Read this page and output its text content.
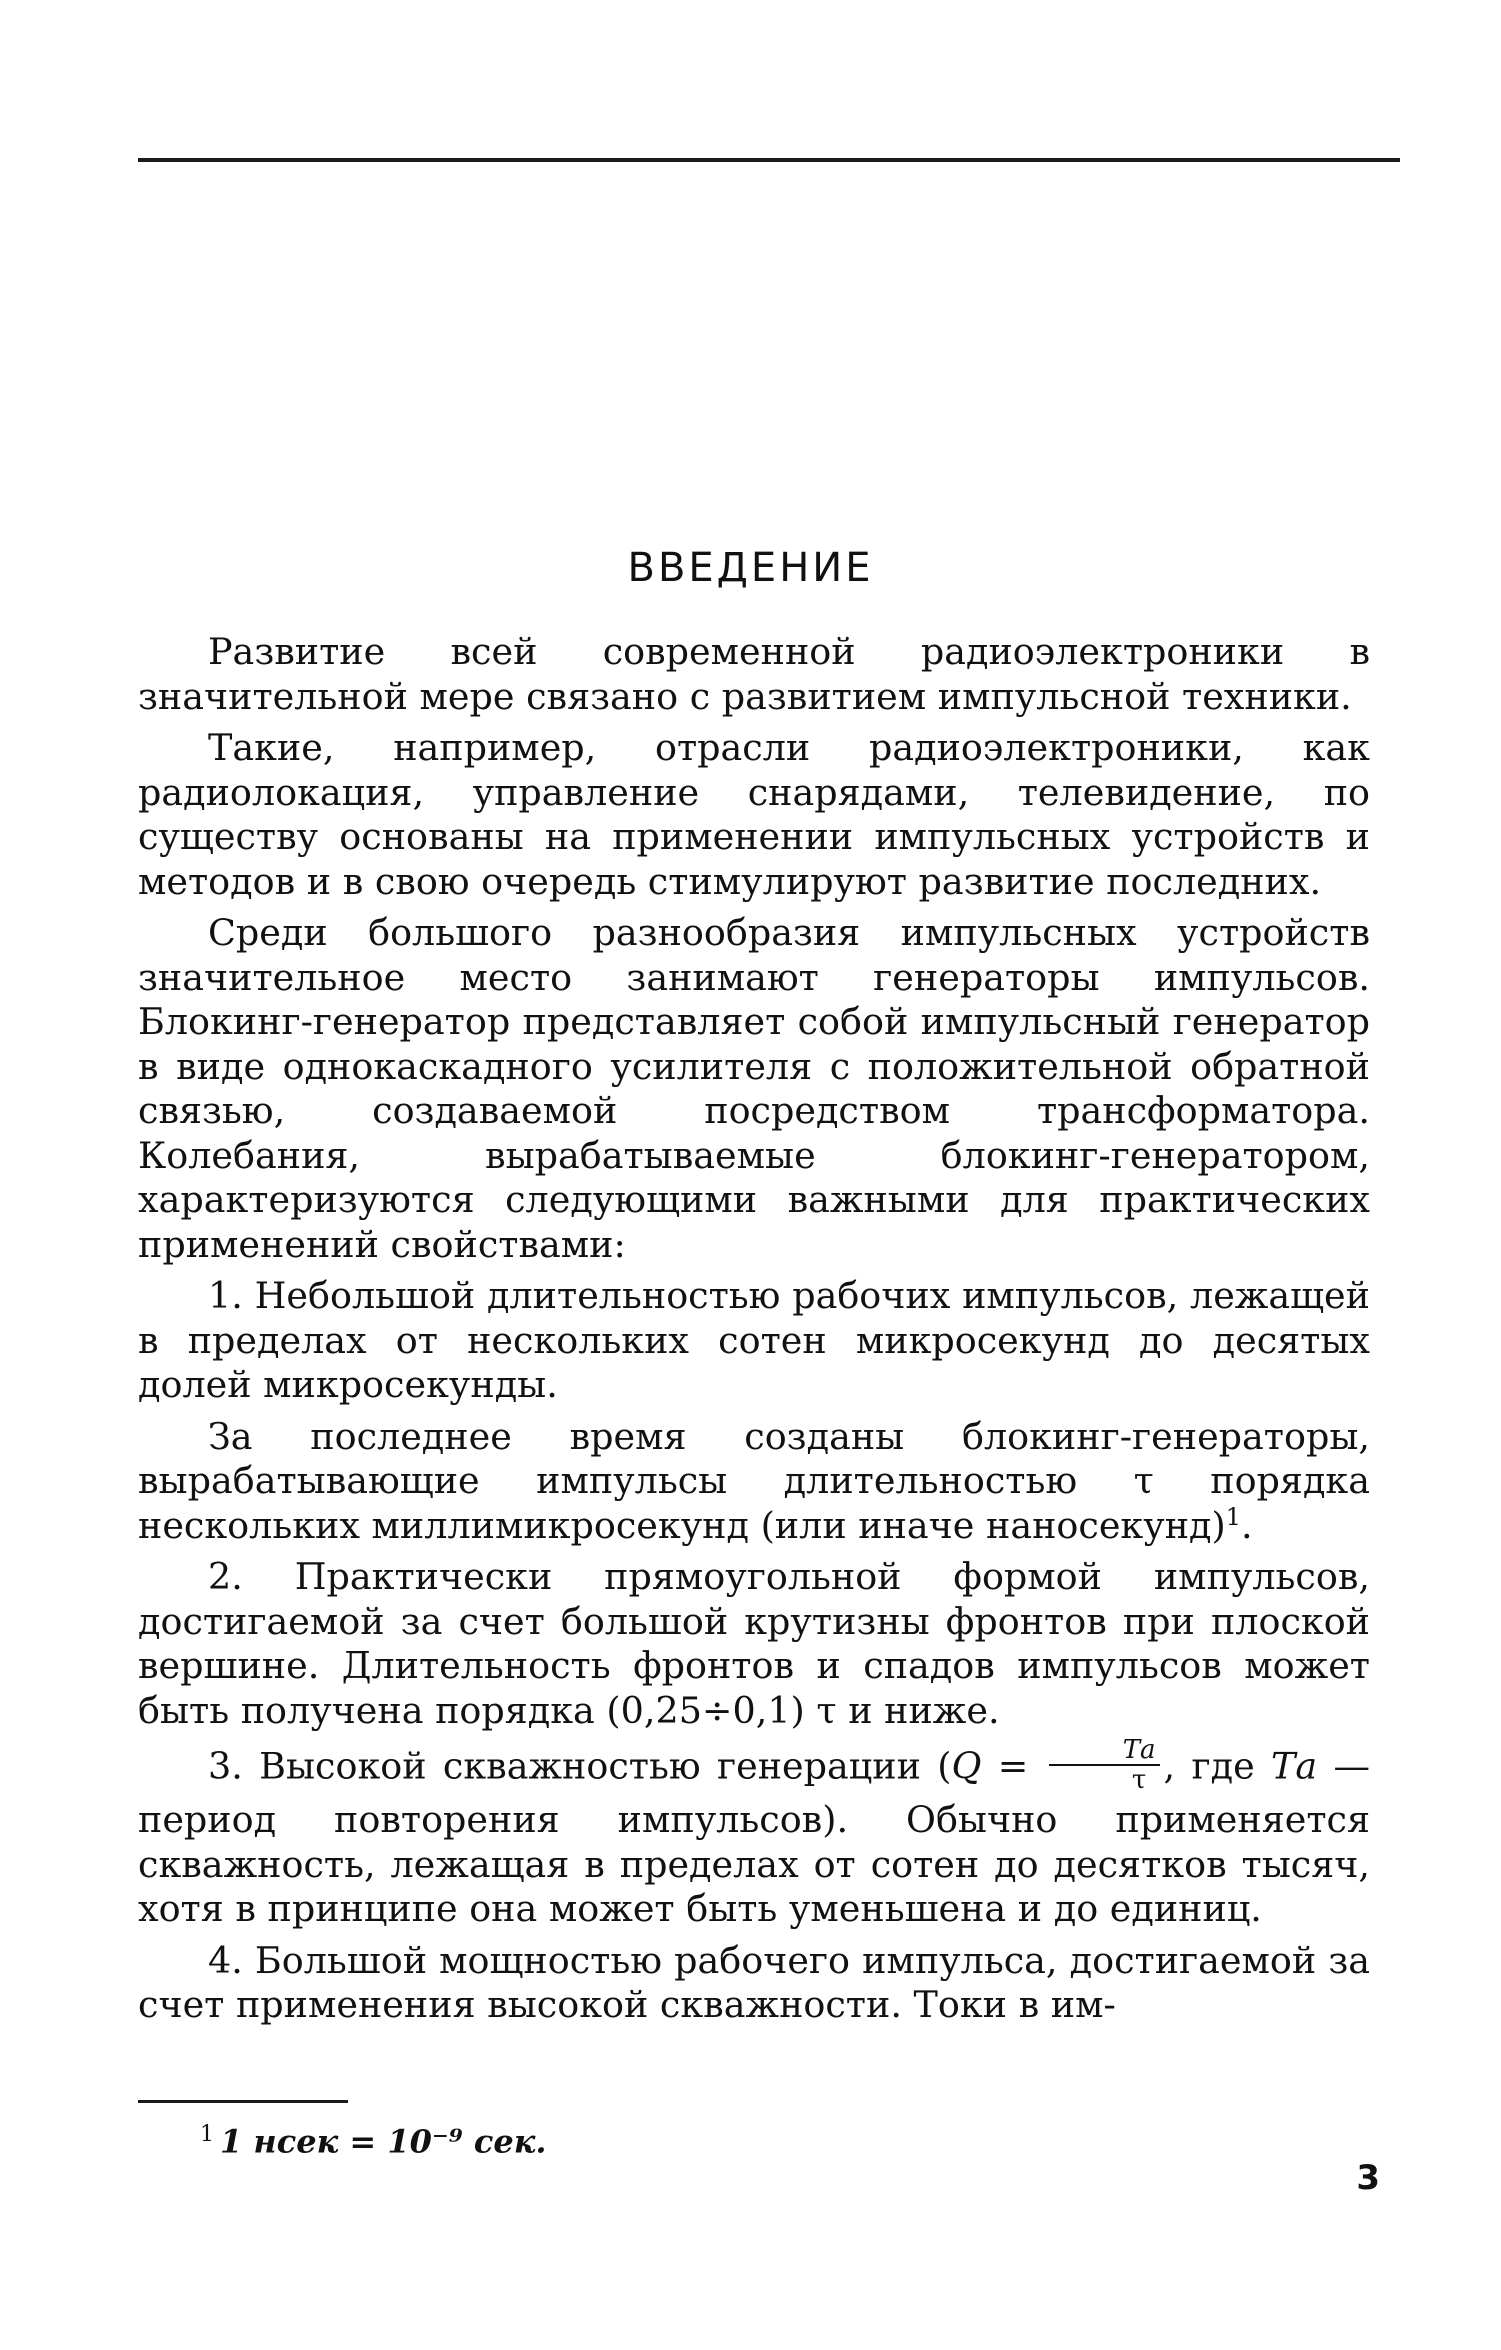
ВВЕДЕНИЕ

Развитие всей современной радиоэлектроники в значительной мере связано с развитием импульсной техники.

Такие, например, отрасли радиоэлектроники, как радиолокация, управление снарядами, телевидение, по существу основаны на применении импульсных устройств и методов и в свою очередь стимулируют развитие последних.

Среди большого разнообразия импульсных устройств значительное место занимают генераторы импульсов. Блокинг-генератор представляет собой импульсный генератор в виде однокаскадного усилителя с положительной обратной связью, создаваемой посредством трансформатора. Колебания, вырабатываемые блокинг-генератором, характеризуются следующими важными для практических применений свойствами:

1. Небольшой длительностью рабочих импульсов, лежащей в пределах от нескольких сотен микросекунд до десятых долей микросекунды.

За последнее время созданы блокинг-генераторы, вырабатывающие импульсы длительностью τ порядка нескольких миллимикросекунд (или иначе наносекунд)$^1$.

2. Практически прямоугольной формой импульсов, достигаемой за счет большой крутизны фронтов при плоской вершине. Длительность фронтов и спадов импульсов может быть получена порядка (0,25÷0,1) τ и ниже.

3. Высокой скважностью генерации ($Q = \frac{Tа}{\tau}$ , где Tа — период повторения импульсов). Обычно применяется скважность, лежащая в пределах от сотен до десятков тысяч, хотя в принципе она может быть уменьшена и до единиц.

4. Большой мощностью рабочего импульса, достигаемой за счет применения высокой скважности. Токи в им-

$^1$ 1 нсек = 10⁻⁹ сек.
3
